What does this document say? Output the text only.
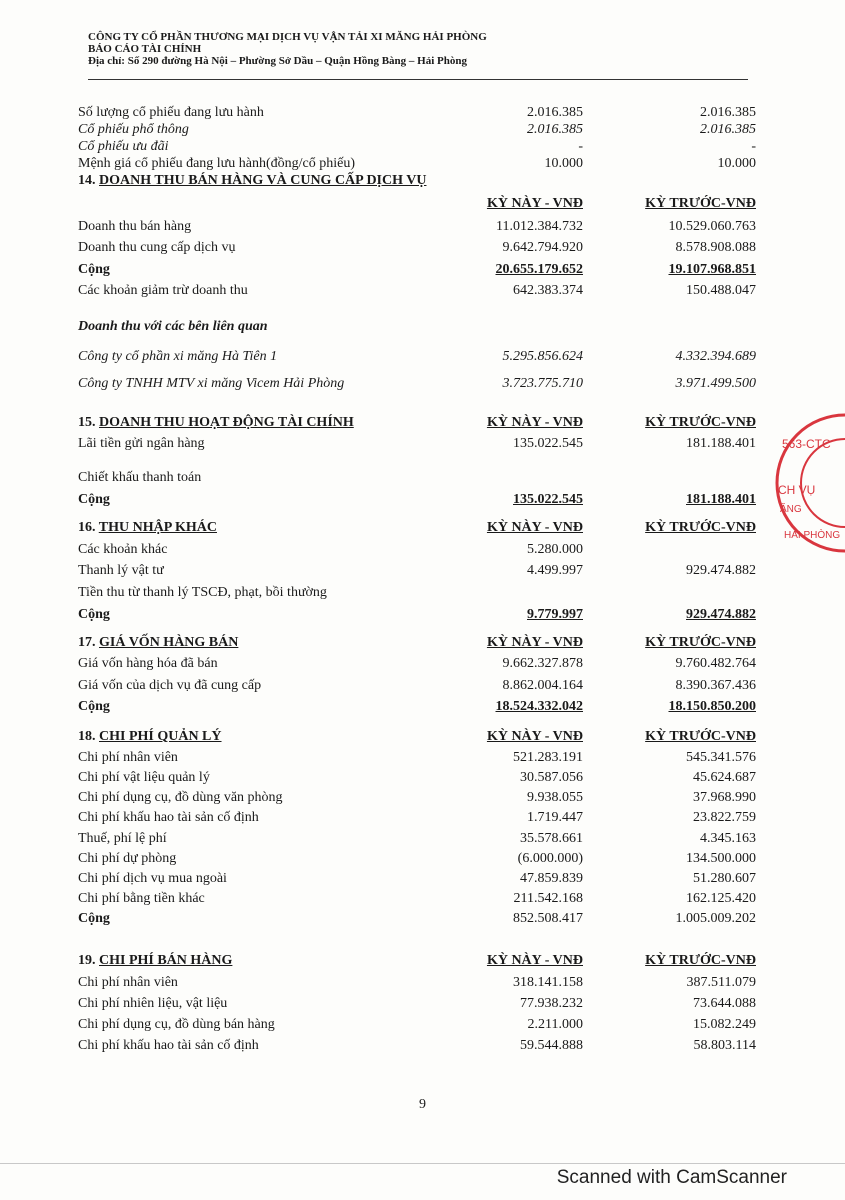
CÔNG TY CỔ PHẦN THƯƠNG MẠI DỊCH VỤ VẬN TẢI XI MĂNG HẢI PHÒNG
BÁO CÁO TÀI CHÍNH
Địa chỉ: Số 290 đường Hà Nội – Phường Sở Dầu – Quận Hồng Bàng – Hải Phòng
Số lượng cổ phiếu đang lưu hành	2.016.385	2.016.385
Cổ phiếu phổ thông	2.016.385	2.016.385
Cổ phiếu ưu đãi	-	-
Mệnh giá cổ phiếu đang lưu hành(đồng/cổ phiếu)	10.000	10.000
14. DOANH THU BÁN HÀNG VÀ CUNG CẤP DỊCH VỤ
KỲ NÀY - VNĐ	KỲ TRƯỚC-VNĐ
Doanh thu bán hàng	11.012.384.732	10.529.060.763
Doanh thu cung cấp dịch vụ	9.642.794.920	8.578.908.088
Cộng	20.655.179.652	19.107.968.851
Các khoản giảm trừ doanh thu	642.383.374	150.488.047
Doanh thu với các bên liên quan
Công ty cổ phần xi măng Hà Tiên 1	5.295.856.624	4.332.394.689
Công ty TNHH MTV xi măng Vicem Hải Phòng	3.723.775.710	3.971.499.500
15. DOANH THU HOẠT ĐỘNG TÀI CHÍNH	KỲ NÀY - VNĐ	KỲ TRƯỚC-VNĐ
Lãi tiền gửi ngân hàng	135.022.545	181.188.401
Chiết khấu thanh toán
Cộng	135.022.545	181.188.401
16. THU NHẬP KHÁC	KỲ NÀY - VNĐ	KỲ TRƯỚC-VNĐ
Các khoản khác	5.280.000
Thanh lý vật tư	4.499.997	929.474.882
Tiền thu từ thanh lý TSCĐ, phạt, bồi thường
Cộng	9.779.997	929.474.882
17. GIÁ VỐN HÀNG BÁN	KỲ NÀY - VNĐ	KỲ TRƯỚC-VNĐ
Giá vốn hàng hóa đã bán	9.662.327.878	9.760.482.764
Giá vốn của dịch vụ đã cung cấp	8.862.004.164	8.390.367.436
Cộng	18.524.332.042	18.150.850.200
18. CHI PHÍ QUẢN LÝ	KỲ NÀY - VNĐ	KỲ TRƯỚC-VNĐ
Chi phí nhân viên	521.283.191	545.341.576
Chi phí vật liệu quản lý	30.587.056	45.624.687
Chi phí dụng cụ, đồ dùng văn phòng	9.938.055	37.968.990
Chi phí khấu hao tài sản cố định	1.719.447	23.822.759
Thuế, phí lệ phí	35.578.661	4.345.163
Chi phí dự phòng	(6.000.000)	134.500.000
Chi phí dịch vụ mua ngoài	47.859.839	51.280.607
Chi phí bằng tiền khác	211.542.168	162.125.420
Cộng	852.508.417	1.005.009.202
19. CHI PHÍ BÁN HÀNG	KỲ NÀY - VNĐ	KỲ TRƯỚC-VNĐ
Chi phí nhân viên	318.141.158	387.511.079
Chi phí nhiên liệu, vật liệu	77.938.232	73.644.088
Chi phí dụng cụ, đồ dùng bán hàng	2.211.000	15.082.249
Chi phí khấu hao tài sản cố định	59.544.888	58.803.114
563-CTC
CH VỤ
ĂNG
HẢI PHÒNG
9
Scanned with CamScanner
